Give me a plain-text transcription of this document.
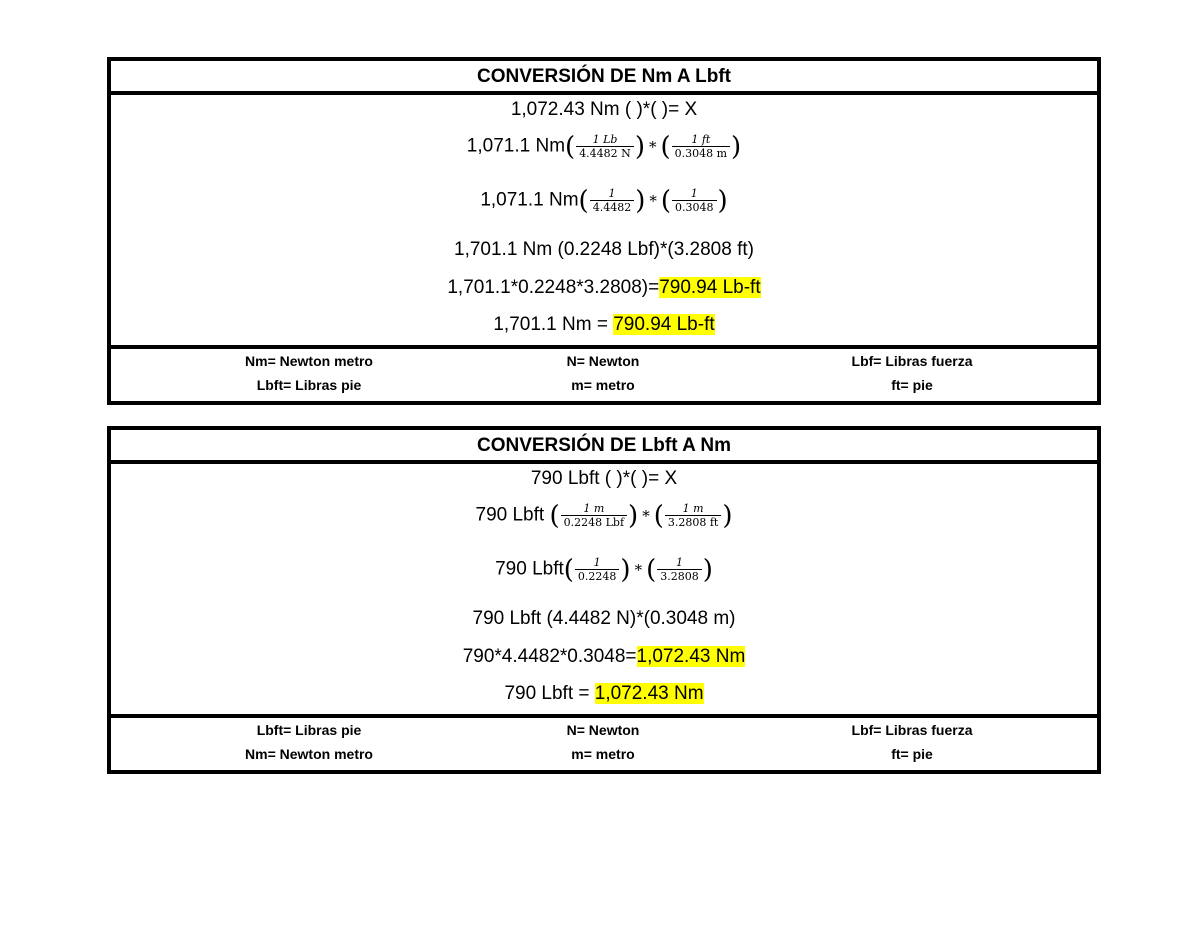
CONVERSIÓN DE Nm A Lbft
1,072.43 Nm ( )*( )= X
1,071.1 $Nm( \frac{1 Lb}{4.4482 N}$ ) * ( $\frac{1 ft}{0.3048 m}$ )
1,071.1 $Nm( \frac{1}{4.4482}$ ) * ( $\frac{1}{0.3048}$ )
1,701.1 Nm (0.2248 Lbf)*(3.2808 ft)
1,701.1*0.2248*3.2808)=790.94 Lb-ft
1,701.1 Nm = 790.94 Lb-ft
Nm= Newton metro	N= Newton	Lbf= Libras fuerza
Lbft= Libras pie	m= metro	ft= pie
CONVERSIÓN DE Lbft A Nm
790 Lbft ( )*( )= X
790 Lbft ( $\frac{1 m}{\text{0.2248 Lbf}}$ ) * ( $\frac{1 m}{3.2808 ft}$ )
790 Lbft( $\frac{1}{0.2248}$ ) * ( $\frac{1}{3.2808}$ )
790 Lbft (4.4482 N)*(0.3048 m)
790*4.4482*0.3048=1,072.43 Nm
790 Lbft = 1,072.43 Nm
Lbft= Libras pie	N= Newton	Lbf= Libras fuerza
Nm= Newton metro	m= metro	ft= pie
